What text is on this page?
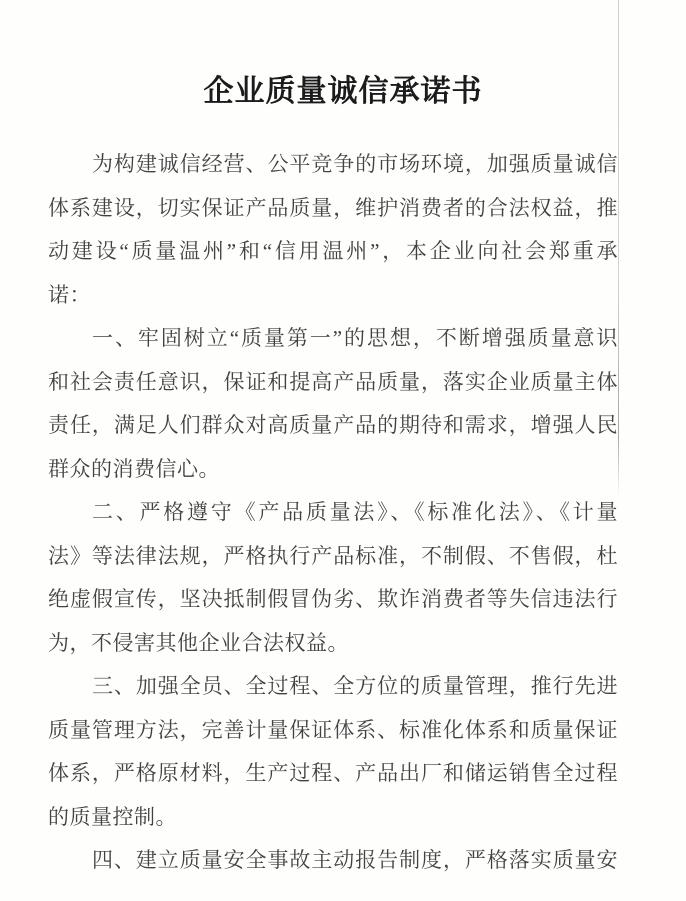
企业质量诚信承诺书
为构建诚信经营、公平竞争的市场环境，加强质量诚信
体系建设，切实保证产品质量，维护消费者的合法权益，推
动建设“质量温州”和“信用温州”，本企业向社会郑重承
诺：
一、牢固树立“质量第一”的思想，不断增强质量意识
和社会责任意识，保证和提高产品质量，落实企业质量主体
责任，满足人们群众对高质量产品的期待和需求，增强人民
群众的消费信心。
二、严格遵守《产品质量法》、《标准化法》、《计量
法》等法律法规，严格执行产品标准，不制假、不售假，杜
绝虚假宣传，坚决抵制假冒伪劣、欺诈消费者等失信违法行
为，不侵害其他企业合法权益。
三、加强全员、全过程、全方位的质量管理，推行先进
质量管理方法，完善计量保证体系、标准化体系和质量保证
体系，严格原材料，生产过程、产品出厂和储运销售全过程
的质量控制。
四、建立质量安全事故主动报告制度，严格落实质量安
